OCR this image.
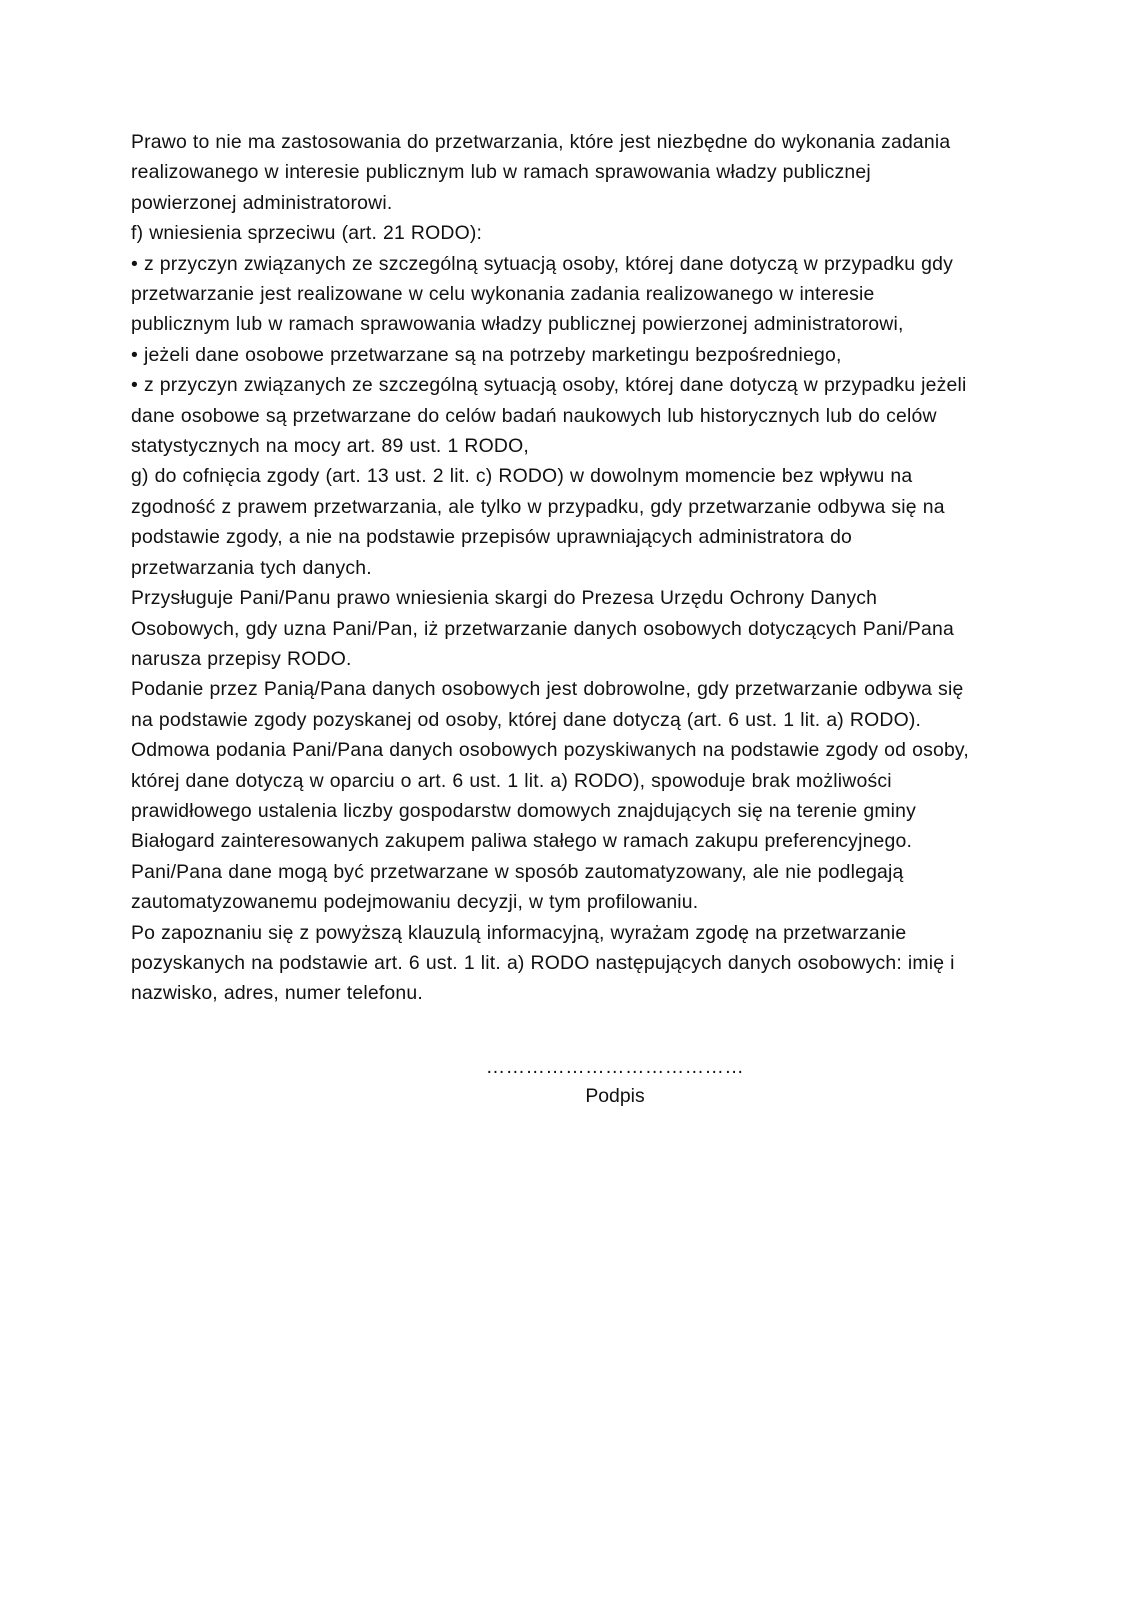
Prawo to nie ma zastosowania do przetwarzania, które jest niezbędne do wykonania zadania realizowanego w interesie publicznym lub w ramach sprawowania władzy publicznej powierzonej administratorowi.

f) wniesienia sprzeciwu (art. 21 RODO):

• z przyczyn związanych ze szczególną sytuacją osoby, której dane dotyczą w przypadku gdy przetwarzanie jest realizowane w celu wykonania zadania realizowanego w interesie publicznym lub w ramach sprawowania władzy publicznej powierzonej administratorowi,

• jeżeli dane osobowe przetwarzane są na potrzeby marketingu bezpośredniego,

• z przyczyn związanych ze szczególną sytuacją osoby, której dane dotyczą w przypadku jeżeli dane osobowe są przetwarzane do celów badań naukowych lub historycznych lub do celów statystycznych na mocy art. 89 ust. 1 RODO,

g) do cofnięcia zgody (art. 13 ust. 2 lit. c) RODO) w dowolnym momencie bez wpływu na zgodność z prawem przetwarzania, ale tylko w przypadku, gdy przetwarzanie odbywa się na podstawie zgody, a nie na podstawie przepisów uprawniających administratora do przetwarzania tych danych.

Przysługuje Pani/Panu prawo wniesienia skargi do Prezesa Urzędu Ochrony Danych Osobowych, gdy uzna Pani/Pan, iż przetwarzanie danych osobowych dotyczących Pani/Pana narusza przepisy RODO.

Podanie przez Panią/Pana danych osobowych jest dobrowolne, gdy przetwarzanie odbywa się na podstawie zgody pozyskanej od osoby, której dane dotyczą (art. 6 ust. 1 lit. a) RODO).

Odmowa podania Pani/Pana danych osobowych pozyskiwanych na podstawie zgody od osoby, której dane dotyczą w oparciu o art. 6 ust. 1 lit. a) RODO), spowoduje brak możliwości prawidłowego ustalenia liczby gospodarstw domowych znajdujących się na terenie gminy Białogard zainteresowanych zakupem paliwa stałego w ramach zakupu preferencyjnego.

Pani/Pana dane mogą być przetwarzane w sposób zautomatyzowany, ale nie podlegają zautomatyzowanemu podejmowaniu decyzji, w tym profilowaniu.

Po zapoznaniu się z powyższą klauzulą informacyjną, wyrażam zgodę na przetwarzanie pozyskanych na podstawie art. 6 ust. 1 lit. a) RODO następujących danych osobowych: imię i nazwisko, adres, numer telefonu.

…………………………………
Podpis
